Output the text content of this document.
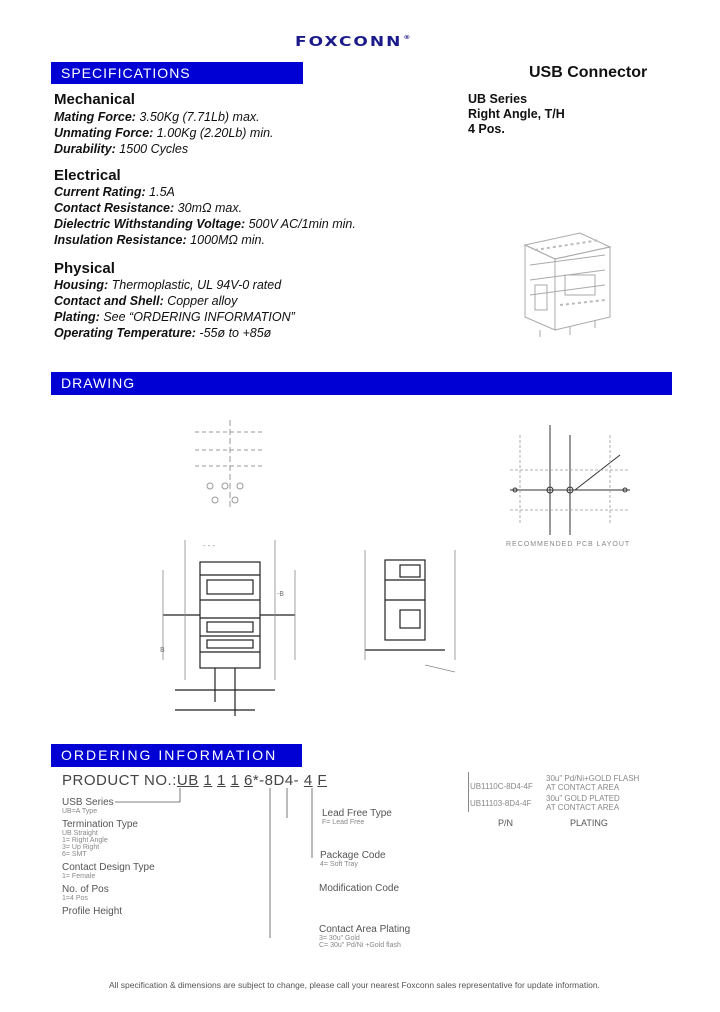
FOXCONN®
SPECIFICATIONS	USB Connector
UB Series
Right Angle, T/H
4 Pos.
Mechanical
Mating Force: 3.50Kg (7.71Lb) max.
Unmating Force: 1.00Kg (2.20Lb) min.
Durability: 1500 Cycles
Electrical
Current Rating: 1.5A
Contact Resistance: 30mΩ max.
Dielectric Withstanding Voltage: 500V AC/1min min.
Insulation Resistance: 1000MΩ min.
Physical
Housing: Thermoplastic, UL 94V-0 rated
Contact and Shell: Copper alloy
Plating: See “ORDERING INFORMATION”
Operating Temperature: -55ø to +85ø
DRAWING
- - -
B
-B
RECOMMENDED PCB LAYOUT
ORDERING INFORMATION
PRODUCT NO.:UB 1 1 1 6*-8D4- 4 F
USB Series
UB=A Type
Termination Type
UB Straight
1= Right Angle
3= Up Right
6= SMT
Contact Design Type
1= Female
No. of Pos
1=4 Pos
Profile Height
Lead Free Type
F= Lead Free
Package Code
4= Soft Tray
Modification Code
Contact Area Plating
3= 30u" Gold
C= 30u" Pd/Ni +Gold flash
UB1110C-8D4-4F
30u" Pd/Ni+GOLD FLASH
AT CONTACT AREA
UB11103-8D4-4F
30u" GOLD PLATED
AT CONTACT AREA
P/N	PLATING
All specification & dimensions are subject to change, please call your nearest Foxconn sales representative for update information.
